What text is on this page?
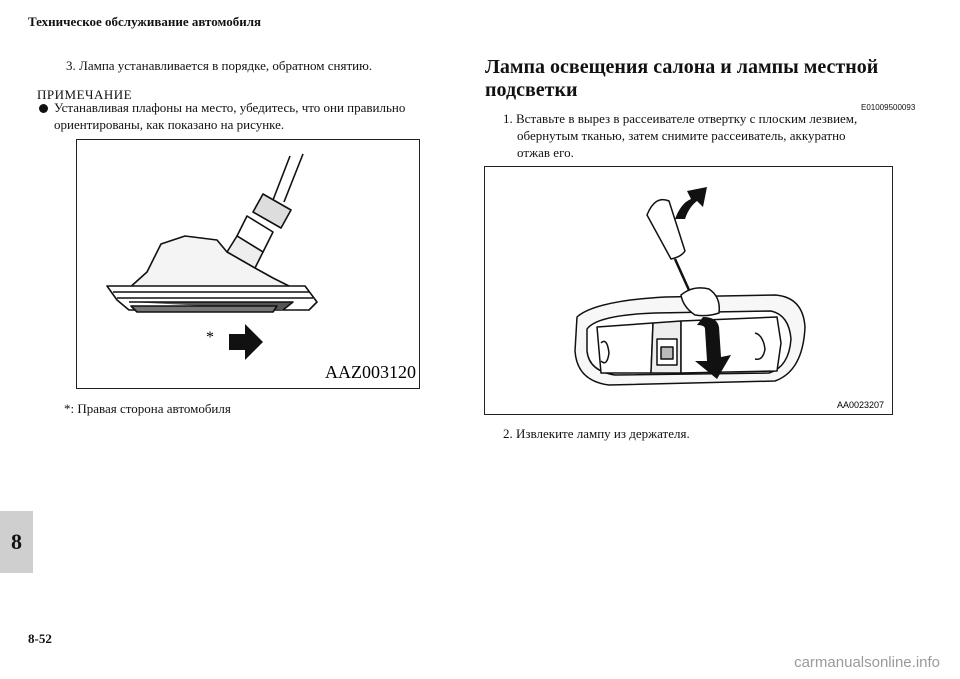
Техническое обслуживание автомобиля
3. Лампа устанавливается в порядке, обратном снятию.
ПРИМЕЧАНИЕ
Устанавливая плафоны на место, убедитесь, что они правильно
ориентированы, как показано на рисунке.
*
AAZ003120
*: Правая сторона автомобиля
Лампа освещения салона и лампы местной
подсветки
E01009500093
1. Вставьте в вырез в рассеивателе отвертку с плоским лезвием,
обернутым тканью, затем снимите рассеиватель, аккуратно
отжав его.
AA0023207
2. Извлеките лампу из держателя.
8
8-52
carmanualsonline.info
